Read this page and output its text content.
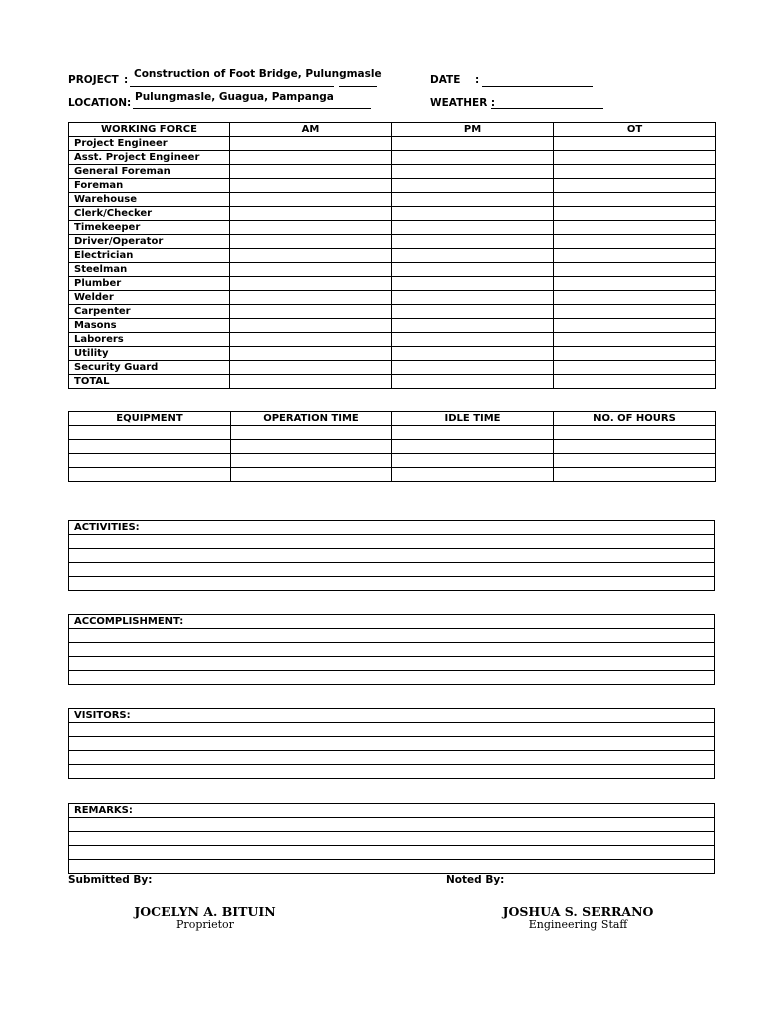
PROJECT : Construction of Foot Bridge, Pulungmasle
LOCATION : Pulungmasle, Guagua, Pampanga
DATE :
WEATHER :
WORKING FORCE	AM	PM	OT
Project Engineer			
Asst. Project Engineer			
General Foreman			
Foreman			
Warehouse			
Clerk/Checker			
Timekeeper			
Driver/Operator			
Electrician			
Steelman			
Plumber			
Welder			
Carpenter			
Masons			
Laborers			
Utility			
Security Guard			
TOTAL			
EQUIPMENT	OPERATION TIME	IDLE TIME	NO. OF HOURS

ACTIVITIES:

ACCOMPLISHMENT:

VISITORS:

REMARKS:

Submitted By:	Noted By:
JOCELYN A. BITUIN
Proprietor
JOSHUA S. SERRANO
Engineering Staff
